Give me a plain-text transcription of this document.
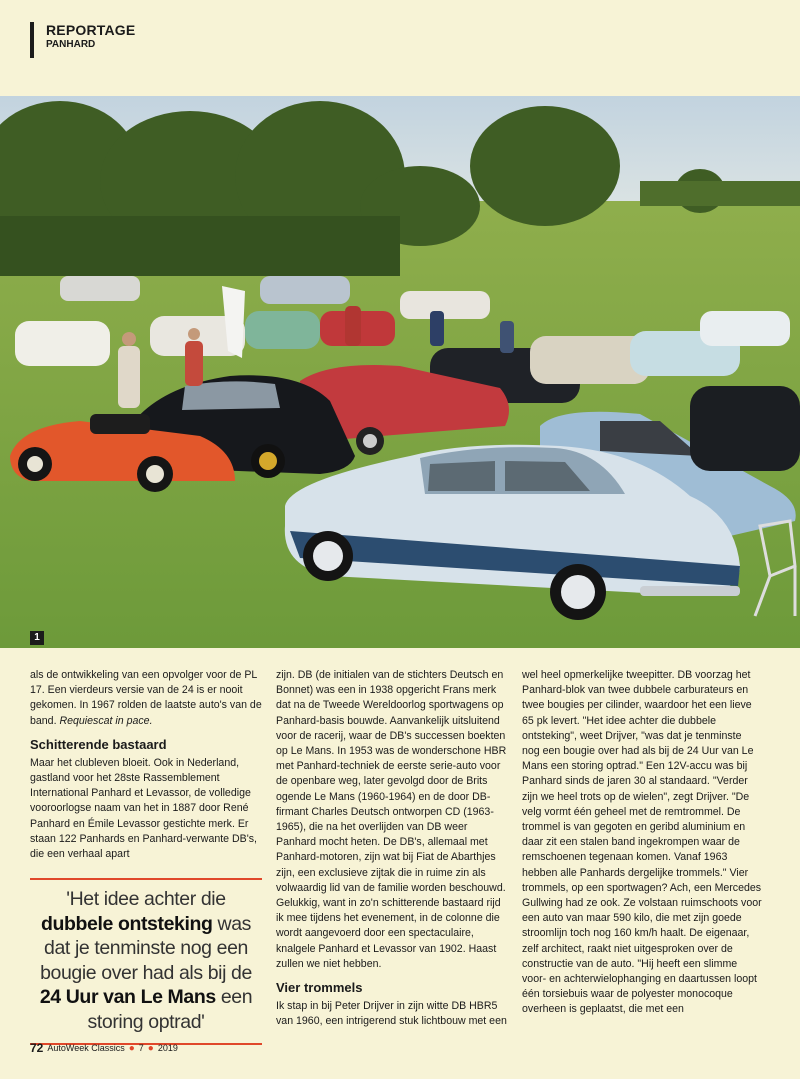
REPORTAGE
PANHARD
1

als de ontwikkeling van een opvolger voor de PL 17. Een vierdeurs versie van de 24 is er nooit gekomen. In 1967 rolden de laatste auto's van de band. Requiescat in pace.

Schitterende bastaard

Maar het clubleven bloeit. Ook in Nederland, gastland voor het 28ste Rassemblement International Panhard et Levassor, de volledige vooroorlogse naam van het in 1887 door René Panhard en Émile Levassor gestichte merk. Er staan 122 Panhards en Panhard-verwante DB's, die een verhaal apart

'Het idee achter die dubbele ontsteking was dat je tenminste nog een bougie over had als bij de 24 Uur van Le Mans een storing optrad'

zijn. DB (de initialen van de stichters Deutsch en Bonnet) was een in 1938 opgericht Frans merk dat na de Tweede Wereldoorlog sportwagens op Panhard-basis bouwde. Aanvankelijk uitsluitend voor de racerij, waar de DB's successen boekten op Le Mans. In 1953 was de wonderschone HBR met Panhard-techniek de eerste serie-auto voor de openbare weg, later gevolgd door de Brits ogende Le Mans (1960-1964) en de door DB-firmant Charles Deutsch ontworpen CD (1963-1965), die na het overlijden van DB weer Panhard mocht heten. De DB's, allemaal met Panhard-motoren, zijn wat bij Fiat de Abarthjes zijn, een exclusieve zijtak die in ruime zin als volwaardig lid van de familie worden beschouwd. Gelukkig, want in zo'n schitterende bastaard rijd ik mee tijdens het evenement, in de colonne die wordt aangevoerd door een spectaculaire, knalgele Panhard et Levassor van 1902. Haast zullen we niet hebben.

Vier trommels

Ik stap in bij Peter Drijver in zijn witte DB HBR5 van 1960, een intrigerend stuk lichtbouw met een

wel heel opmerkelijke tweepitter. DB voorzag het Panhard-blok van twee dubbele carburateurs en twee bougies per cilinder, waardoor het een lieve 65 pk levert. "Het idee achter die dubbele ontsteking", weet Drijver, "was dat je tenminste nog een bougie over had als bij de 24 Uur van Le Mans een storing optrad." Een 12V-accu was bij Panhard sinds de jaren 30 al standaard. "Verder zijn we heel trots op de wielen", zegt Drijver. "De velg vormt één geheel met de remtrommel. De trommel is van gegoten en geribd aluminium en daar zit een stalen band ingekrompen waar de remschoenen tegenaan komen. Vanaf 1963 hebben alle Panhards dergelijke trommels." Vier trommels, op een sportwagen? Ach, een Mercedes Gullwing had ze ook. Ze volstaan ruimschoots voor een auto van maar 590 kilo, die met zijn goede stroomlijn toch nog 160 km/h haalt. De eigenaar, zelf architect, raakt niet uitgesproken over de constructie van de auto. "Hij heeft een slimme voor- en achterwielophanging en daartussen loopt één torsiebuis waar de polyester monocoque overheen is geplaatst, die met een

72 AutoWeek Classics ● 7 ● 2019
